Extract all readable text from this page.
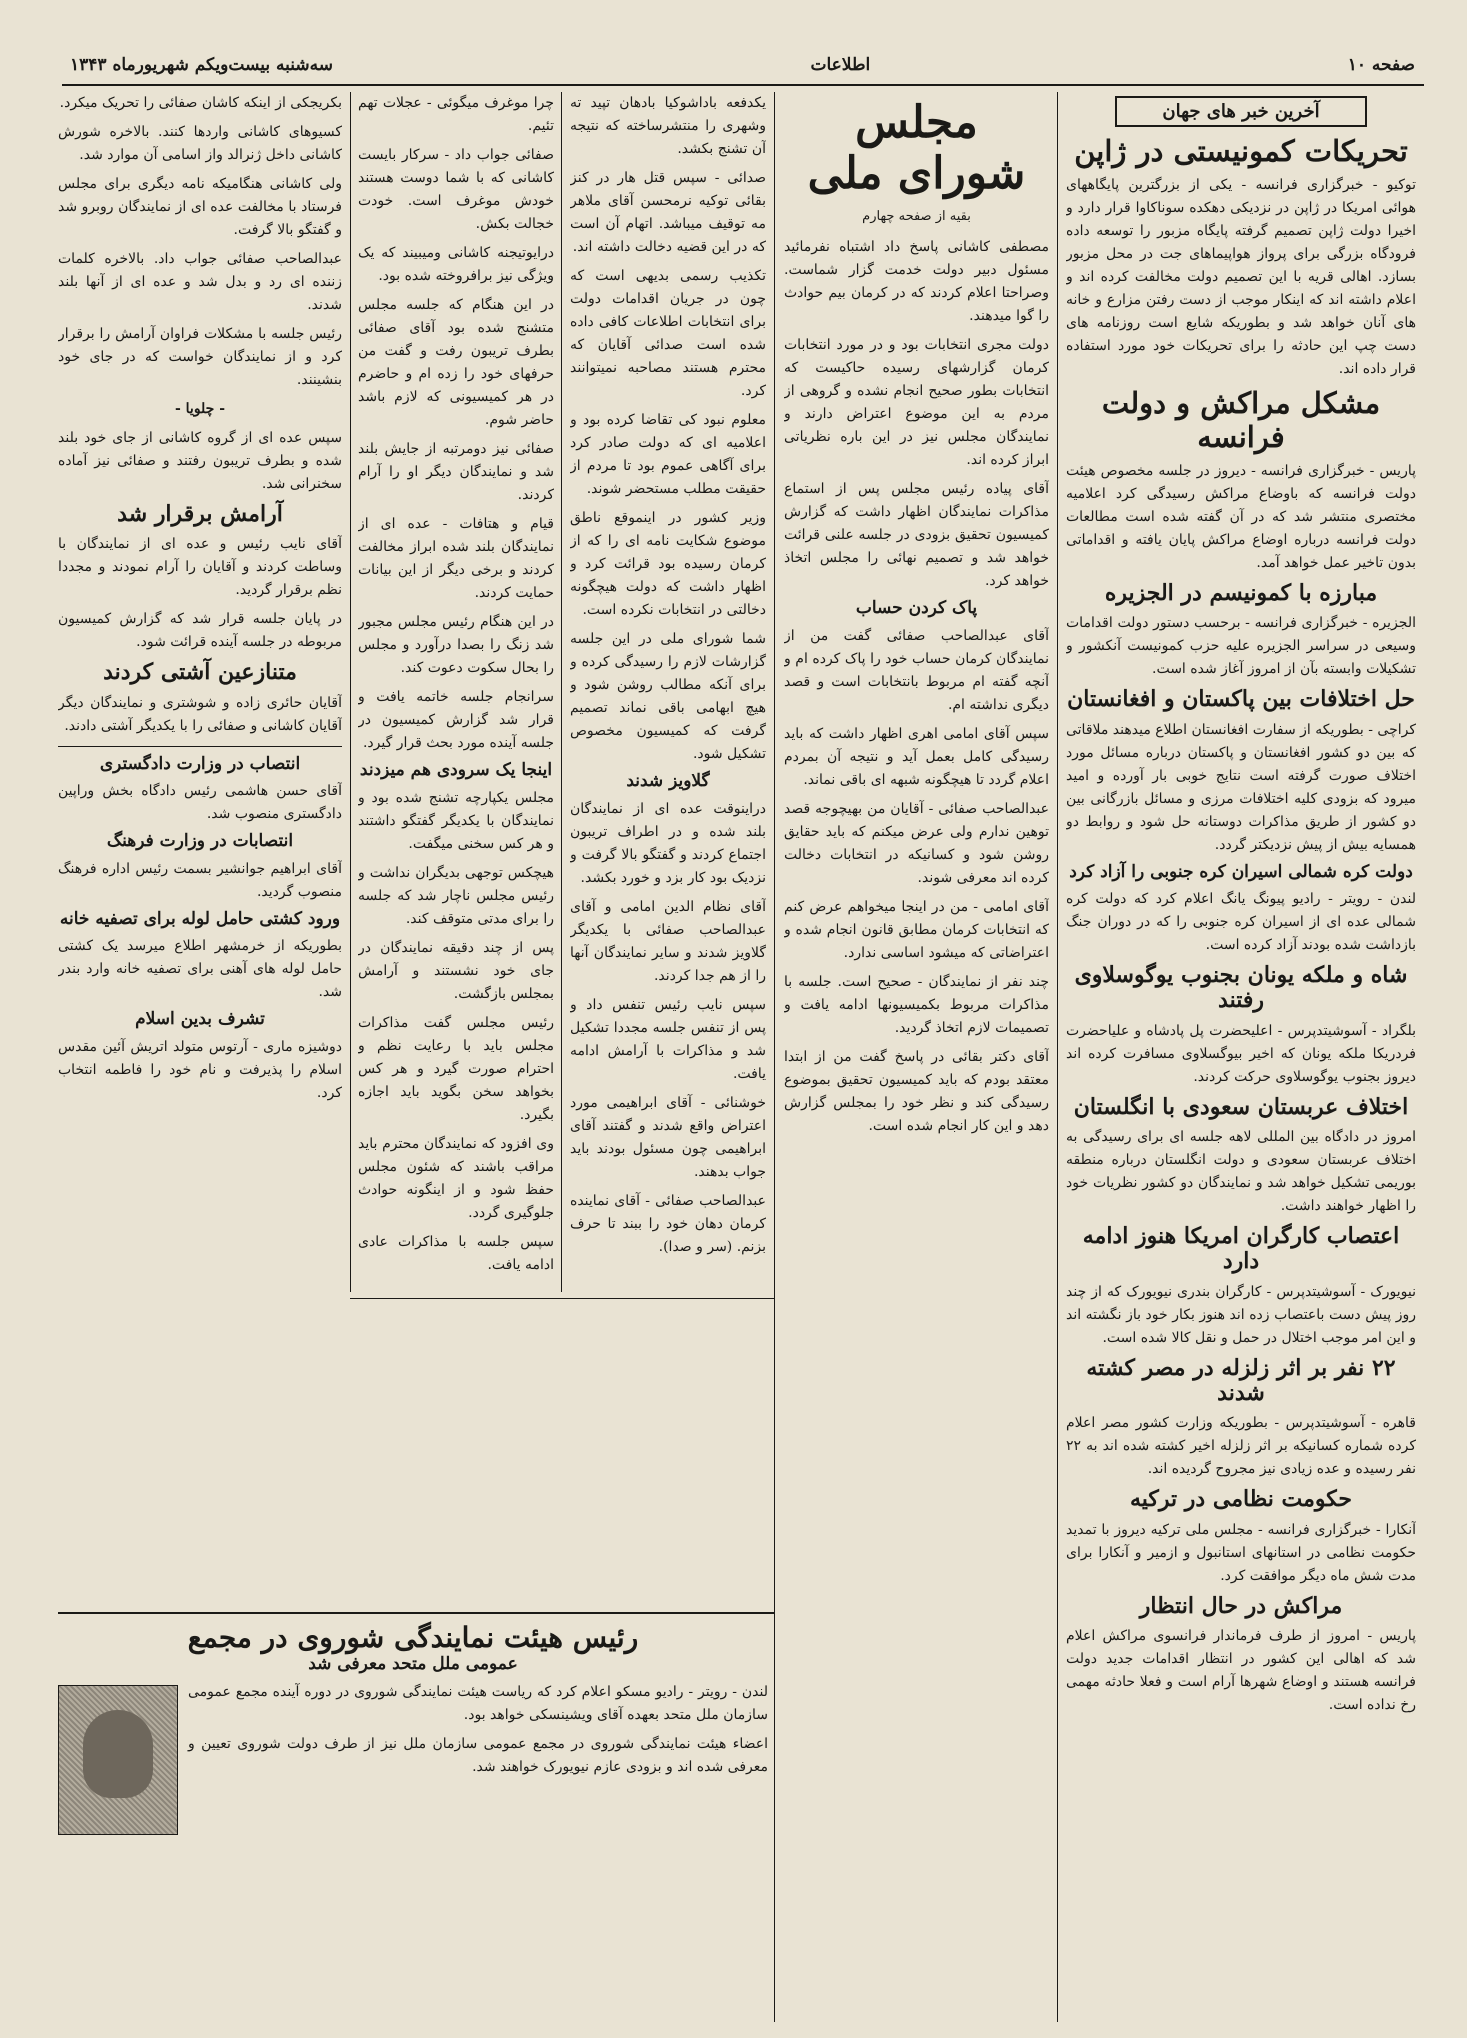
صفحه ۱۰
اطلاعات
سه‌شنبه بیست‌ویکم شهریورماه ۱۳۴۳
آخرین خبر های جهان
تحریکات کمونیستی در ژاپن

توکیو - خبرگزاری فرانسه - یکی از بزرگترین پایگاههای هوائی امریکا در ژاپن در نزدیکی دهکده سوناکاوا قرار دارد و اخیرا دولت ژاپن تصمیم گرفته پایگاه مزبور را توسعه داده فرودگاه بزرگی برای پرواز هواپیماهای جت در محل مزبور بسازد. اهالی قریه با این تصمیم دولت مخالفت کرده اند و اعلام داشته اند که اینکار موجب از دست رفتن مزارع و خانه های آنان خواهد شد و بطوریکه شایع است روزنامه های دست چپ این حادثه را برای تحریکات خود مورد استفاده قرار داده اند.

مشکل مراکش و دولت فرانسه

پاریس - خبرگزاری فرانسه - دیروز در جلسه مخصوص هیئت دولت فرانسه که باوضاع مراکش رسیدگی کرد اعلامیه مختصری منتشر شد که در آن گفته شده است مطالعات دولت فرانسه درباره اوضاع مراکش پایان یافته و اقداماتی بدون تاخیر عمل خواهد آمد.

مبارزه با کمونیسم در الجزیره

الجزیره - خبرگزاری فرانسه - برحسب دستور دولت اقدامات وسیعی در سراسر الجزیره علیه حزب کمونیست آنکشور و تشکیلات وابسته بآن از امروز آغاز شده است.

حل اختلافات بین پاکستان و افغانستان

کراچی - بطوریکه از سفارت افغانستان اطلاع میدهند ملاقاتی که بین دو کشور افغانستان و پاکستان درباره مسائل مورد اختلاف صورت گرفته است نتایج خوبی بار آورده و امید میرود که بزودی کلیه اختلافات مرزی و مسائل بازرگانی بین دو کشور از طریق مذاکرات دوستانه حل شود و روابط دو همسایه بیش از پیش نزدیکتر گردد.

دولت کره شمالی اسیران کره جنوبی را آزاد کرد

لندن - رویتر - رادیو پیونگ یانگ اعلام کرد که دولت کره شمالی عده ای از اسیران کره جنوبی را که در دوران جنگ بازداشت شده بودند آزاد کرده است.

شاه و ملکه یونان بجنوب یوگوسلاوی رفتند

بلگراد - آسوشیتدپرس - اعلیحضرت پل پادشاه و علیاحضرت فردریکا ملکه یونان که اخیر بیوگسلاوی مسافرت کرده اند دیروز بجنوب یوگوسلاوی حرکت کردند.

اختلاف عربستان سعودی با انگلستان

امروز در دادگاه بین المللی لاهه جلسه ای برای رسیدگی به اختلاف عربستان سعودی و دولت انگلستان درباره منطقه بوریمی تشکیل خواهد شد و نمایندگان دو کشور نظریات خود را اظهار خواهند داشت.

اعتصاب کارگران امریکا هنوز ادامه دارد

نیویورک - آسوشیتدپرس - کارگران بندری نیویورک که از چند روز پیش دست باعتصاب زده اند هنوز بکار خود باز نگشته اند و این امر موجب اختلال در حمل و نقل کالا شده است.

۲۲ نفر بر اثر زلزله در مصر کشته شدند

قاهره - آسوشیتدپرس - بطوریکه وزارت کشور مصر اعلام کرده شماره کسانیکه بر اثر زلزله اخیر کشته شده اند به ۲۲ نفر رسیده و عده زیادی نیز مجروح گردیده اند.

حکومت نظامی در ترکیه

آنکارا - خبرگزاری فرانسه - مجلس ملی ترکیه دیروز با تمدید حکومت نظامی در استانهای استانبول و ازمیر و آنکارا برای مدت شش ماه دیگر موافقت کرد.

مراکش در حال انتظار

پاریس - امروز از طرف فرماندار فرانسوی مراکش اعلام شد که اهالی این کشور در انتظار اقدامات جدید دولت فرانسه هستند و اوضاع شهرها آرام است و فعلا حادثه مهمی رخ نداده است.

مجلس شورای ملی
بقیه از صفحه چهارم

مصطفی کاشانی پاسخ داد اشتباه نفرمائید مسئول دبیر دولت خدمت گزار شماست. وصراحتا اعلام کردند که در کرمان بیم حوادث را گوا میدهند.

دولت مجری انتخابات بود و در مورد انتخابات کرمان گزارشهای رسیده حاکیست که انتخابات بطور صحیح انجام نشده و گروهی از مردم به این موضوع اعتراض دارند و نمایندگان مجلس نیز در این باره نظریاتی ابراز کرده اند.

آقای پیاده رئیس مجلس پس از استماع مذاکرات نمایندگان اظهار داشت که گزارش کمیسیون تحقیق بزودی در جلسه علنی قرائت خواهد شد و تصمیم نهائی را مجلس اتخاذ خواهد کرد.

پاک کردن حساب

آقای عبدالصاحب صفائی گفت من از نمایندگان کرمان حساب خود را پاک کرده ام و آنچه گفته ام مربوط بانتخابات است و قصد دیگری نداشته ام.

سپس آقای امامی اهری اظهار داشت که باید رسیدگی کامل بعمل آید و نتیجه آن بمردم اعلام گردد تا هیچگونه شبهه ای باقی نماند.

عبدالصاحب صفائی - آقایان من بهیچوجه قصد توهین ندارم ولی عرض میکنم که باید حقایق روشن شود و کسانیکه در انتخابات دخالت کرده اند معرفی شوند.

آقای امامی - من در اینجا میخواهم عرض کنم که انتخابات کرمان مطابق قانون انجام شده و اعتراضاتی که میشود اساسی ندارد.

چند نفر از نمایندگان - صحیح است. جلسه با مذاکرات مربوط بکمیسیونها ادامه یافت و تصمیمات لازم اتخاذ گردید.

آقای دکتر بقائی در پاسخ گفت من از ابتدا معتقد بودم که باید کمیسیون تحقیق بموضوع رسیدگی کند و نظر خود را بمجلس گزارش دهد و این کار انجام شده است.

یکدفعه باداشوکیا بادهان تپید ته وشهری را منتشرساخته که نتیجه آن تشنج بکشد.

صدائی - سپس قتل هار در کنز بقائی توکیه نرمحسن آقای ملاهر مه توقیف میباشد. اتهام آن است که در این قضیه دخالت داشته اند.

تکذیب رسمی بدیهی است که چون در جریان اقدامات دولت برای انتخابات اطلاعات کافی داده شده است صدائی آقایان که محترم هستند مصاحبه نمیتوانند کرد.

معلوم نبود کی تقاضا کرده بود و اعلامیه ای که دولت صادر کرد برای آگاهی عموم بود تا مردم از حقیقت مطلب مستحضر شوند.

وزیر کشور در اینموقع ناطق موضوع شکایت نامه ای را که از کرمان رسیده بود قرائت کرد و اظهار داشت که دولت هیچگونه دخالتی در انتخابات نکرده است.

شما شورای ملی در این جلسه گزارشات لازم را رسیدگی کرده و برای آنکه مطالب روشن شود و هیچ ابهامی باقی نماند تصمیم گرفت که کمیسیون مخصوص تشکیل شود.

گلاویز شدند

دراینوقت عده ای از نمایندگان بلند شده و در اطراف تریبون اجتماع کردند و گفتگو بالا گرفت و نزدیک بود کار بزد و خورد بکشد.

آقای نظام الدین امامی و آقای عبدالصاحب صفائی با یکدیگر گلاویز شدند و سایر نمایندگان آنها را از هم جدا کردند.

سپس نایب رئیس تنفس داد و پس از تنفس جلسه مجددا تشکیل شد و مذاکرات با آرامش ادامه یافت.

خوشنائی - آقای ابراهیمی مورد اعتراض واقع شدند و گفتند آقای ابراهیمی چون مسئول بودند باید جواب بدهند.

عبدالصاحب صفائی - آقای نماینده کرمان دهان خود را ببند تا حرف بزنم. (سر و صدا).

چرا موغرف میگوئی - عجلات تهم تئیم.

صفائی جواب داد - سرکار بایست کاشانی که با شما دوست هستند خودش موغرف است. خودت خجالت بکش.

درایوتیجنه کاشانی ومیبیند که یک ویژگی نیز برافروخته شده بود.

در این هنگام که جلسه مجلس متشنج شده بود آقای صفائی بطرف تریبون رفت و گفت من حرفهای خود را زده ام و حاضرم در هر کمیسیونی که لازم باشد حاضر شوم.

صفائی نیز دومرتبه از جایش بلند شد و نمایندگان دیگر او را آرام کردند.

قیام و هتافات - عده ای از نمایندگان بلند شده ابراز مخالفت کردند و برخی دیگر از این بیانات حمایت کردند.

در این هنگام رئیس مجلس مجبور شد زنگ را بصدا درآورد و مجلس را بحال سکوت دعوت کند.

سرانجام جلسه خاتمه یافت و قرار شد گزارش کمیسیون در جلسه آینده مورد بحث قرار گیرد.

اینجا یک سرودی هم میزدند

مجلس یکپارچه تشنج شده بود و نمایندگان با یکدیگر گفتگو داشتند و هر کس سخنی میگفت.

هیچکس توجهی بدیگران نداشت و رئیس مجلس ناچار شد که جلسه را برای مدتی متوقف کند.

پس از چند دقیقه نمایندگان در جای خود نشستند و آرامش بمجلس بازگشت.

رئیس مجلس گفت مذاکرات مجلس باید با رعایت نظم و احترام صورت گیرد و هر کس بخواهد سخن بگوید باید اجازه بگیرد.

وی افزود که نمایندگان محترم باید مراقب باشند که شئون مجلس حفظ شود و از اینگونه حوادث جلوگیری گردد.

سپس جلسه با مذاکرات عادی ادامه یافت.

بکریجکی از اینکه کاشان صفائی را تحریک میکرد.

کسیوهای کاشانی واردها کنند. بالاخره شورش کاشانی داخل ژنرالد واز اسامی آن موارد شد.

ولی کاشانی هنگامیکه نامه دیگری برای مجلس فرستاد با مخالفت عده ای از نمایندگان روبرو شد و گفتگو بالا گرفت.

عبدالصاحب صفائی جواب داد. بالاخره کلمات زننده ای رد و بدل شد و عده ای از آنها بلند شدند.

رئیس جلسه با مشکلات فراوان آرامش را برقرار کرد و از نمایندگان خواست که در جای خود بنشینند.

- چلویا -

سپس عده ای از گروه کاشانی از جای خود بلند شده و بطرف تریبون رفتند و صفائی نیز آماده سخنرانی شد.

آرامش برقرار شد

آقای نایب رئیس و عده ای از نمایندگان با وساطت کردند و آقایان را آرام نمودند و مجددا نظم برقرار گردید.

در پایان جلسه قرار شد که گزارش کمیسیون مربوطه در جلسه آینده قرائت شود.

متنازعین آشتی کردند

آقایان حائری زاده و شوشتری و نمایندگان دیگر آقایان کاشانی و صفائی را با یکدیگر آشتی دادند.

انتصاب در وزارت دادگستری

آقای حسن هاشمی رئیس دادگاه بخش وراپین دادگستری منصوب شد.

انتصابات در وزارت فرهنگ

آقای ابراهیم جوانشیر بسمت رئیس اداره فرهنگ منصوب گردید.

ورود کشتی حامل لوله برای تصفیه خانه

بطوریکه از خرمشهر اطلاع میرسد یک کشتی حامل لوله های آهنی برای تصفیه خانه وارد بندر شد.

تشرف بدین اسلام

دوشیزه ماری - آرتوس متولد اتریش آئین مقدس اسلام را پذیرفت و نام خود را فاطمه انتخاب کرد.

رئیس هیئت نمایندگی شوروی در مجمع
عمومی ملل متحد معرفی شد

لندن - رویتر - رادیو مسکو اعلام کرد که ریاست هیئت نمایندگی شوروی در دوره آینده مجمع عمومی سازمان ملل متحد بعهده آقای ویشینسکی خواهد بود.

اعضاء هیئت نمایندگی شوروی در مجمع عمومی سازمان ملل نیز از طرف دولت شوروی تعیین و معرفی شده اند و بزودی عازم نیویورک خواهند شد.
